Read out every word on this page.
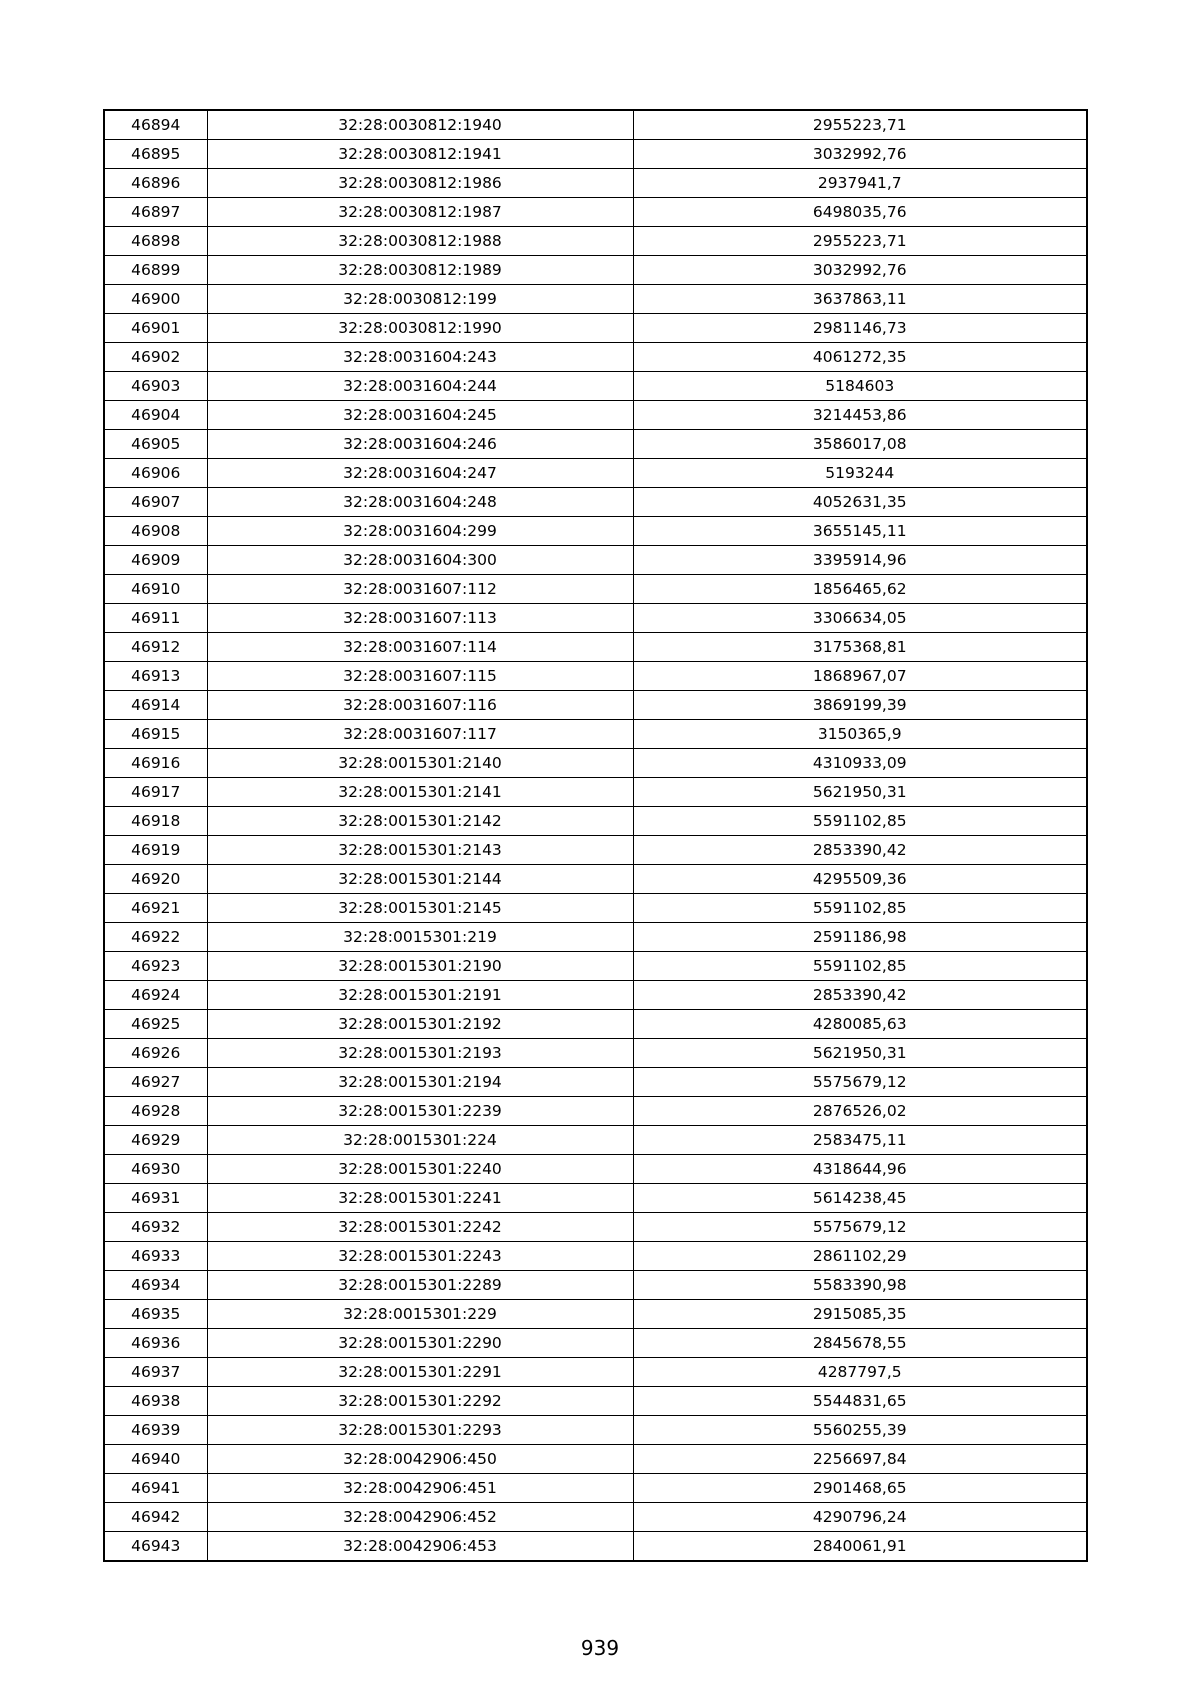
46894	32:28:0030812:1940	2955223,71
46895	32:28:0030812:1941	3032992,76
46896	32:28:0030812:1986	2937941,7
46897	32:28:0030812:1987	6498035,76
46898	32:28:0030812:1988	2955223,71
46899	32:28:0030812:1989	3032992,76
46900	32:28:0030812:199	3637863,11
46901	32:28:0030812:1990	2981146,73
46902	32:28:0031604:243	4061272,35
46903	32:28:0031604:244	5184603
46904	32:28:0031604:245	3214453,86
46905	32:28:0031604:246	3586017,08
46906	32:28:0031604:247	5193244
46907	32:28:0031604:248	4052631,35
46908	32:28:0031604:299	3655145,11
46909	32:28:0031604:300	3395914,96
46910	32:28:0031607:112	1856465,62
46911	32:28:0031607:113	3306634,05
46912	32:28:0031607:114	3175368,81
46913	32:28:0031607:115	1868967,07
46914	32:28:0031607:116	3869199,39
46915	32:28:0031607:117	3150365,9
46916	32:28:0015301:2140	4310933,09
46917	32:28:0015301:2141	5621950,31
46918	32:28:0015301:2142	5591102,85
46919	32:28:0015301:2143	2853390,42
46920	32:28:0015301:2144	4295509,36
46921	32:28:0015301:2145	5591102,85
46922	32:28:0015301:219	2591186,98
46923	32:28:0015301:2190	5591102,85
46924	32:28:0015301:2191	2853390,42
46925	32:28:0015301:2192	4280085,63
46926	32:28:0015301:2193	5621950,31
46927	32:28:0015301:2194	5575679,12
46928	32:28:0015301:2239	2876526,02
46929	32:28:0015301:224	2583475,11
46930	32:28:0015301:2240	4318644,96
46931	32:28:0015301:2241	5614238,45
46932	32:28:0015301:2242	5575679,12
46933	32:28:0015301:2243	2861102,29
46934	32:28:0015301:2289	5583390,98
46935	32:28:0015301:229	2915085,35
46936	32:28:0015301:2290	2845678,55
46937	32:28:0015301:2291	4287797,5
46938	32:28:0015301:2292	5544831,65
46939	32:28:0015301:2293	5560255,39
46940	32:28:0042906:450	2256697,84
46941	32:28:0042906:451	2901468,65
46942	32:28:0042906:452	4290796,24
46943	32:28:0042906:453	2840061,91
939
